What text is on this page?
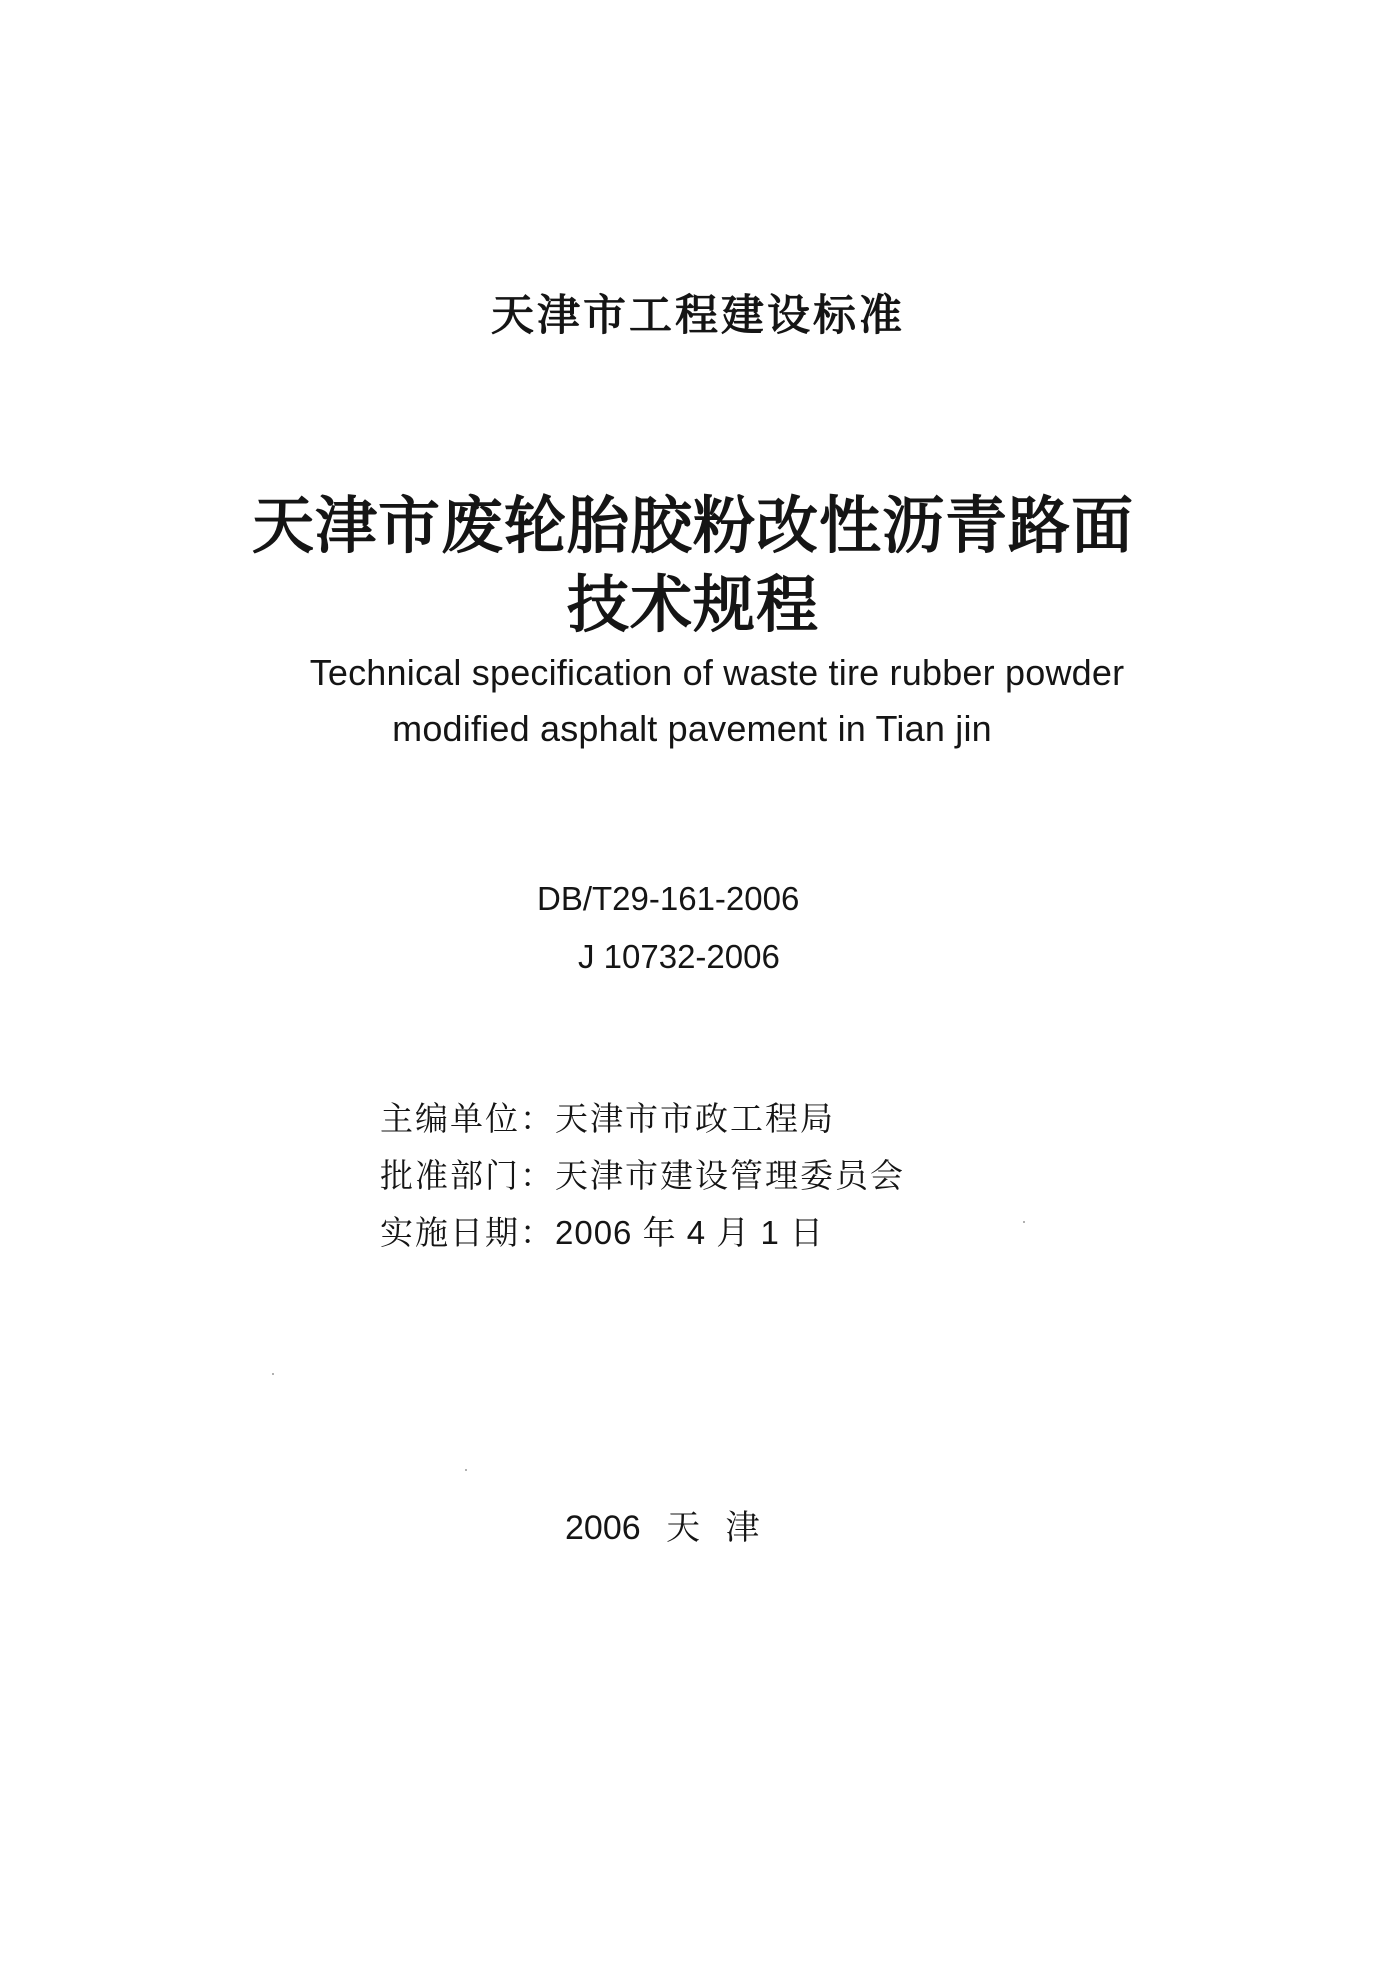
天津市工程建设标准
天津市废轮胎胶粉改性沥青路面
技术规程
Technical specification of waste tire rubber powder
modified asphalt pavement in Tian jin
DB/T29-161-2006
J 10732-2006
主编单位：天津市市政工程局
批准部门：天津市建设管理委员会
实施日期：2006 年 4 月 1 日
2006 天 津
